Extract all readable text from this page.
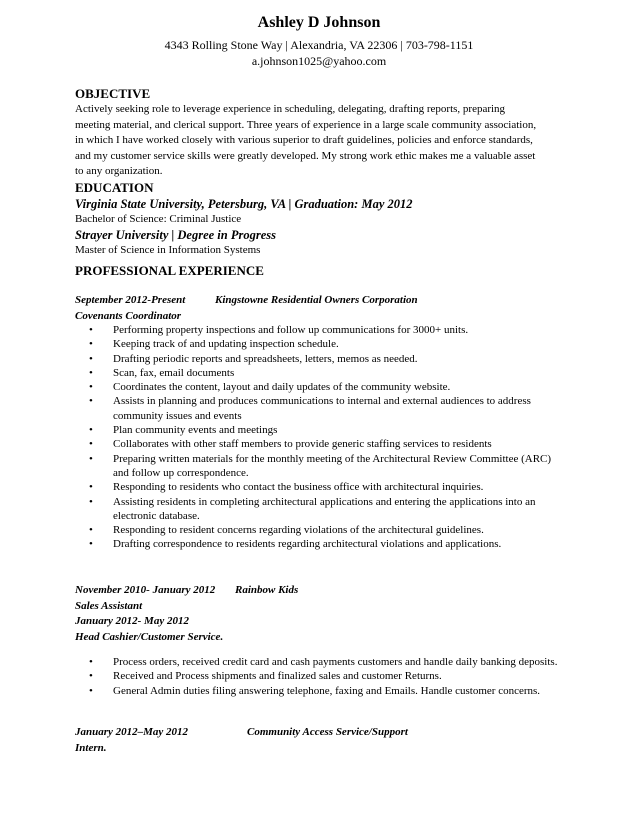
Ashley D Johnson
4343 Rolling Stone Way | Alexandria, VA 22306 | 703-798-1151
a.johnson1025@yahoo.com
OBJECTIVE
Actively seeking role to leverage experience in scheduling, delegating, drafting reports, preparing
meeting material, and clerical support. Three years of experience in a large scale community association,
in which I have worked closely with various superior to draft guidelines, policies and enforce standards,
and my customer service skills were greatly developed. My strong work ethic makes me a valuable asset
to any organization.
EDUCATION
Virginia State University, Petersburg, VA | Graduation: May 2012
Bachelor of Science: Criminal Justice
Strayer University | Degree in Progress
Master of Science in Information Systems
PROFESSIONAL EXPERIENCE
September 2012-Present	Kingstowne Residential Owners Corporation
Covenants Coordinator
• Performing property inspections and follow up communications for 3000+ units.
• Keeping track of and updating inspection schedule.
• Drafting periodic reports and spreadsheets, letters, memos as needed.
• Scan, fax, email documents
• Coordinates the content, layout and daily updates of the community website.
• Assists in planning and produces communications to internal and external audiences to address community issues and events
• Plan community events and meetings
• Collaborates with other staff members to provide generic staffing services to residents
• Preparing written materials for the monthly meeting of the Architectural Review Committee (ARC) and follow up correspondence.
• Responding to residents who contact the business office with architectural inquiries.
• Assisting residents in completing architectural applications and entering the applications into an electronic database.
• Responding to resident concerns regarding violations of the architectural guidelines.
• Drafting correspondence to residents regarding architectural violations and applications.
November 2010- January 2012 Rainbow Kids
Sales Assistant
January 2012- May 2012
Head Cashier/Customer Service.
• Process orders, received credit card and cash payments customers and handle daily banking deposits.
• Received and Process shipments and finalized sales and customer Returns.
• General Admin duties filing answering telephone, faxing and Emails. Handle customer concerns.
January 2012–May 2012	Community Access Service/Support
Intern.
